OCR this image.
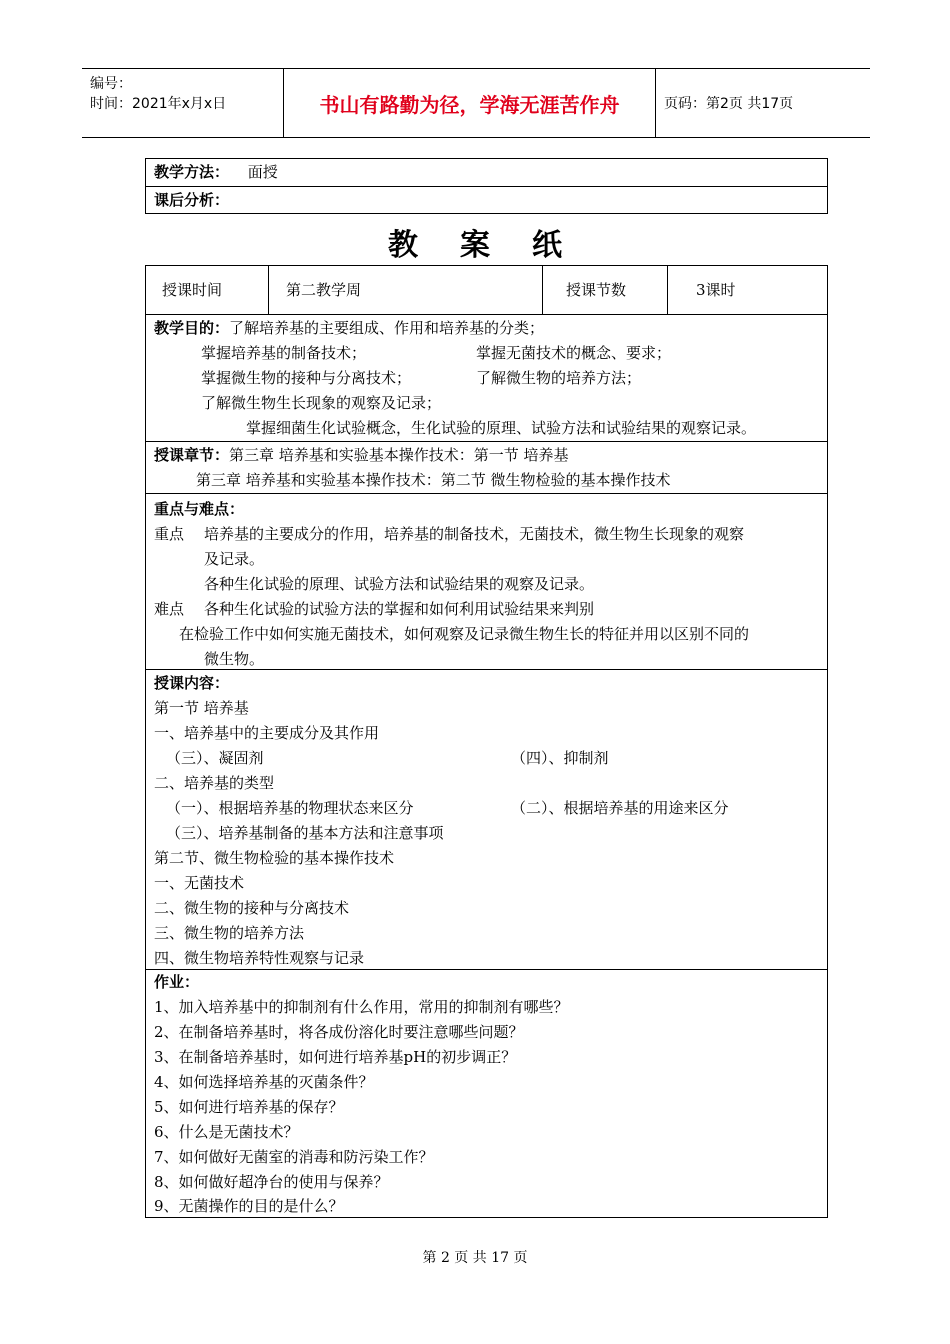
编号：
时间：2021年x月x日	书山有路勤为径，学海无涯苦作舟	页码：第2页 共17页
教学方法： 面授
课后分析：
教案纸
授课时间	第二教学周	授课节数	3课时
教学目的：了解培养基的主要组成、作用和培养基的分类；
掌握培养基的制备技术；	掌握无菌技术的概念、要求；
掌握微生物的接种与分离技术；	了解微生物的培养方法；
了解微生物生长现象的观察及记录；
掌握细菌生化试验概念，生化试验的原理、试验方法和试验结果的观察记录。
授课章节：第三章 培养基和实验基本操作技术：第一节 培养基
第三章 培养基和实验基本操作技术：第二节 微生物检验的基本操作技术
重点与难点：
重点 培养基的主要成分的作用，培养基的制备技术，无菌技术，微生物生长现象的观察
及记录。
各种生化试验的原理、试验方法和试验结果的观察及记录。
难点 各种生化试验的试验方法的掌握和如何利用试验结果来判别
在检验工作中如何实施无菌技术，如何观察及记录微生物生长的特征并用以区别不同的
微生物。
授课内容：
第一节 培养基
一、培养基中的主要成分及其作用
（三）、凝固剂	（四）、抑制剂
二、培养基的类型
（一）、根据培养基的物理状态来区分	（二）、根据培养基的用途来区分
（三）、培养基制备的基本方法和注意事项
第二节、微生物检验的基本操作技术
一、无菌技术
二、微生物的接种与分离技术
三、微生物的培养方法
四、微生物培养特性观察与记录
作业：
1、加入培养基中的抑制剂有什么作用，常用的抑制剂有哪些？
2、在制备培养基时，将各成份溶化时要注意哪些问题？
3、在制备培养基时，如何进行培养基pH的初步调正？
4、如何选择培养基的灭菌条件？
5、如何进行培养基的保存？
6、什么是无菌技术？
7、如何做好无菌室的消毒和防污染工作？
8、如何做好超净台的使用与保养？
9、无菌操作的目的是什么？
第 2 页 共 17 页
